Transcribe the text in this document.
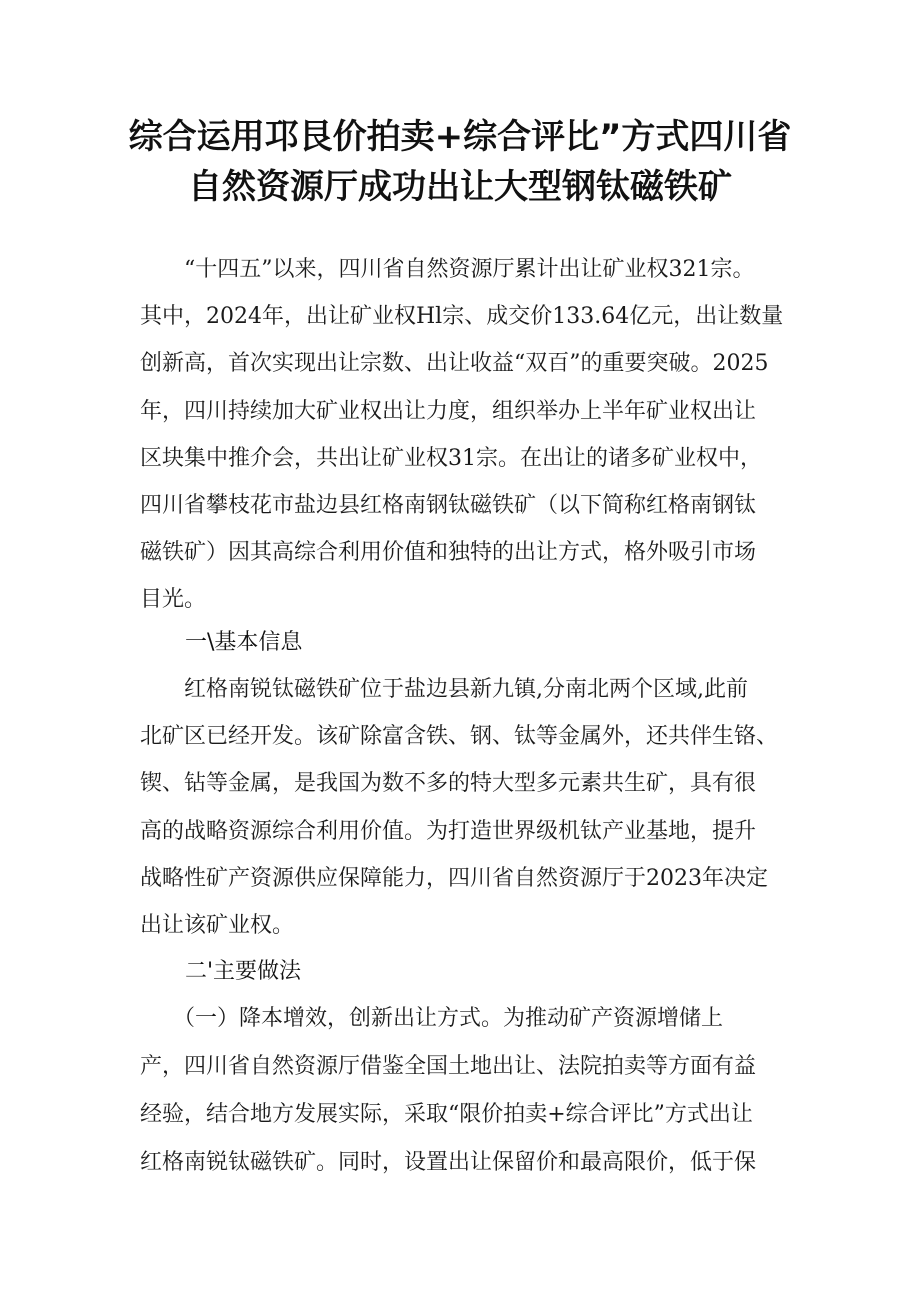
综合运用邛艮价拍卖+综合评比”方式四川省
自然资源厅成功出让大型钢钛磁铁矿
　　“十四五”以来，四川省自然资源厅累计出让矿业权321宗。
其中，2024年，出让矿业权Hl宗、成交价133.64亿元，出让数量
创新高，首次实现出让宗数、出让收益“双百”的重要突破。2025
年，四川持续加大矿业权出让力度，组织举办上半年矿业权出让
区块集中推介会，共出让矿业权31宗。在出让的诸多矿业权中，
四川省攀枝花市盐边县红格南钢钛磁铁矿（以下简称红格南钢钛
磁铁矿）因其高综合利用价值和独特的出让方式，格外吸引市场
目光。
一\基本信息
　　红格南锐钛磁铁矿位于盐边县新九镇,分南北两个区域,此前
北矿区已经开发。该矿除富含铁、钢、钛等金属外，还共伴生铬、
锲、钻等金属，是我国为数不多的特大型多元素共生矿，具有很
高的战略资源综合利用价值。为打造世界级机钛产业基地，提升
战略性矿产资源供应保障能力，四川省自然资源厅于2023年决定
出让该矿业权。
二'主要做法
　　（一）降本增效，创新出让方式。为推动矿产资源增储上
产，四川省自然资源厅借鉴全国土地出让、法院拍卖等方面有益
经验，结合地方发展实际，采取“限价拍卖+综合评比”方式出让
红格南锐钛磁铁矿。同时，设置出让保留价和最高限价，低于保
